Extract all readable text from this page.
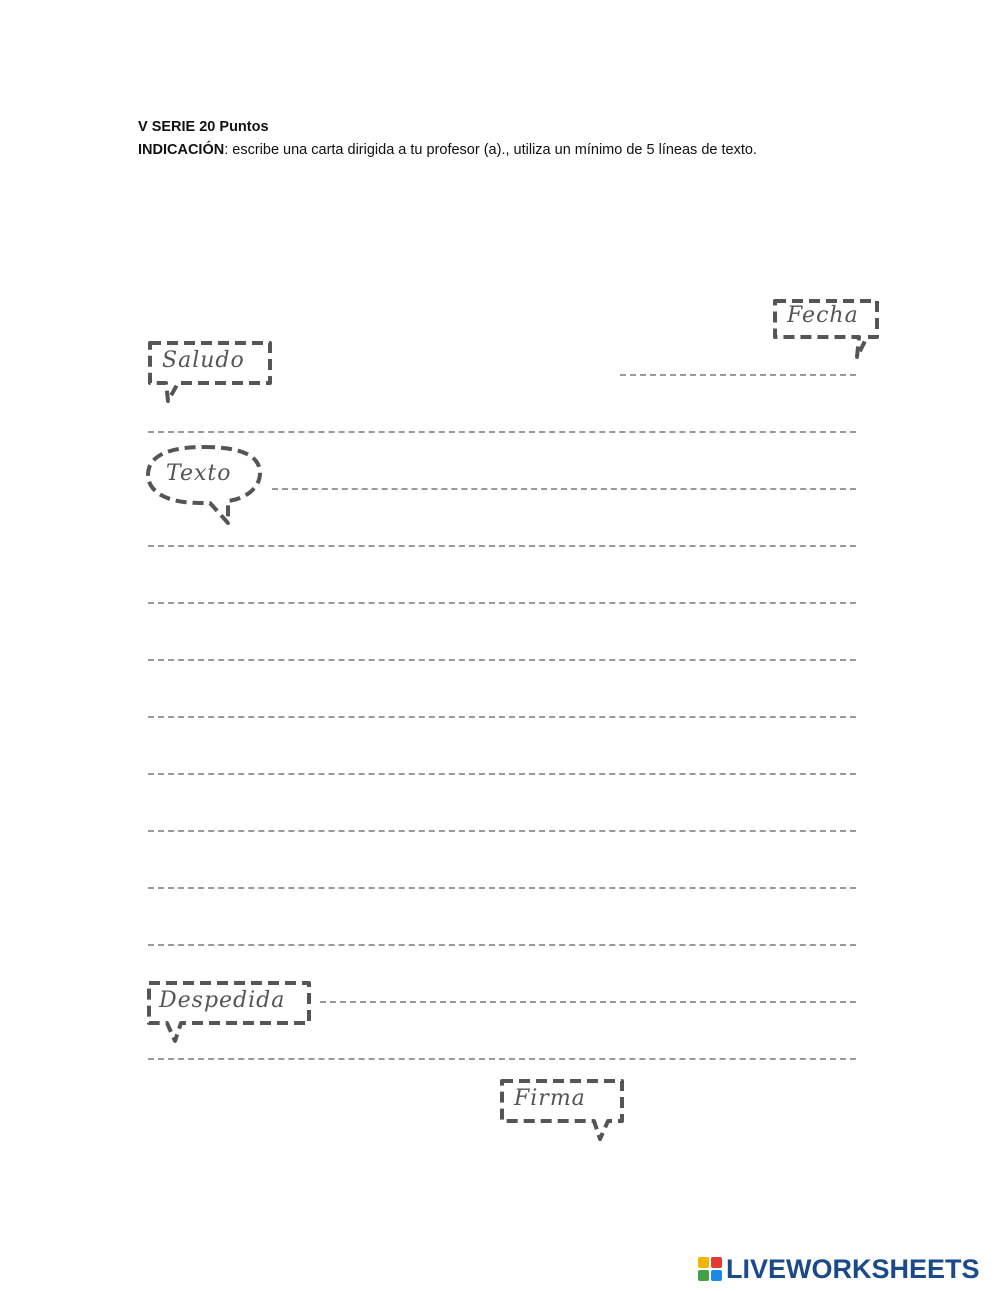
V SERIE 20 Puntos
INDICACIÓN: escribe una carta dirigida a tu profesor (a)., utiliza un mínimo de 5 líneas de texto.
Fecha
Saludo
Texto
Despedida
Firma
LIVEWORKSHEETS
